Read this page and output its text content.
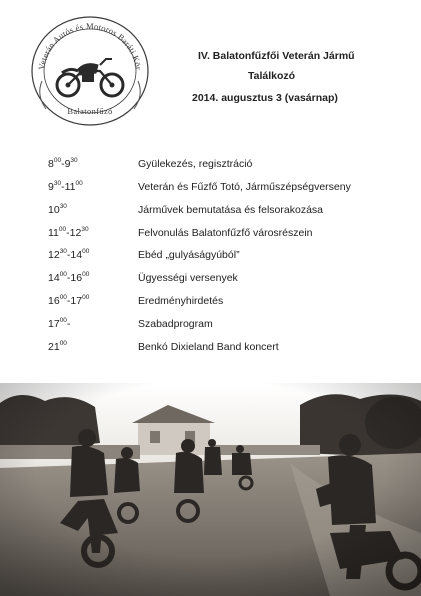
Veterán Autós és Motoros Baráti Kör
Balatonfűző
IV. Balatonfűzfői Veterán Jármű
Találkozó
2014. augusztus 3 (vasárnap)
$8^{00}-9^{30}$	Gyülekezés, regisztráció
$9^{30}-11^{00}$	Veterán és Fűzfő Totó, Járműszépségverseny
$10^{30}$	Járművek bemutatása és felsorakozása
$11^{00}-12^{30}$	Felvonulás Balatonfűzfő városrészein
$12^{30}-14^{00}$	Ebéd „gulyáságyúból”
$14^{00}-16^{00}$	Ügyességi versenyek
$16^{00}-17^{00}$	Eredményhirdetés
$17^{00}-$	Szabadprogram
$21^{00}$	Benkó Dixieland Band koncert
